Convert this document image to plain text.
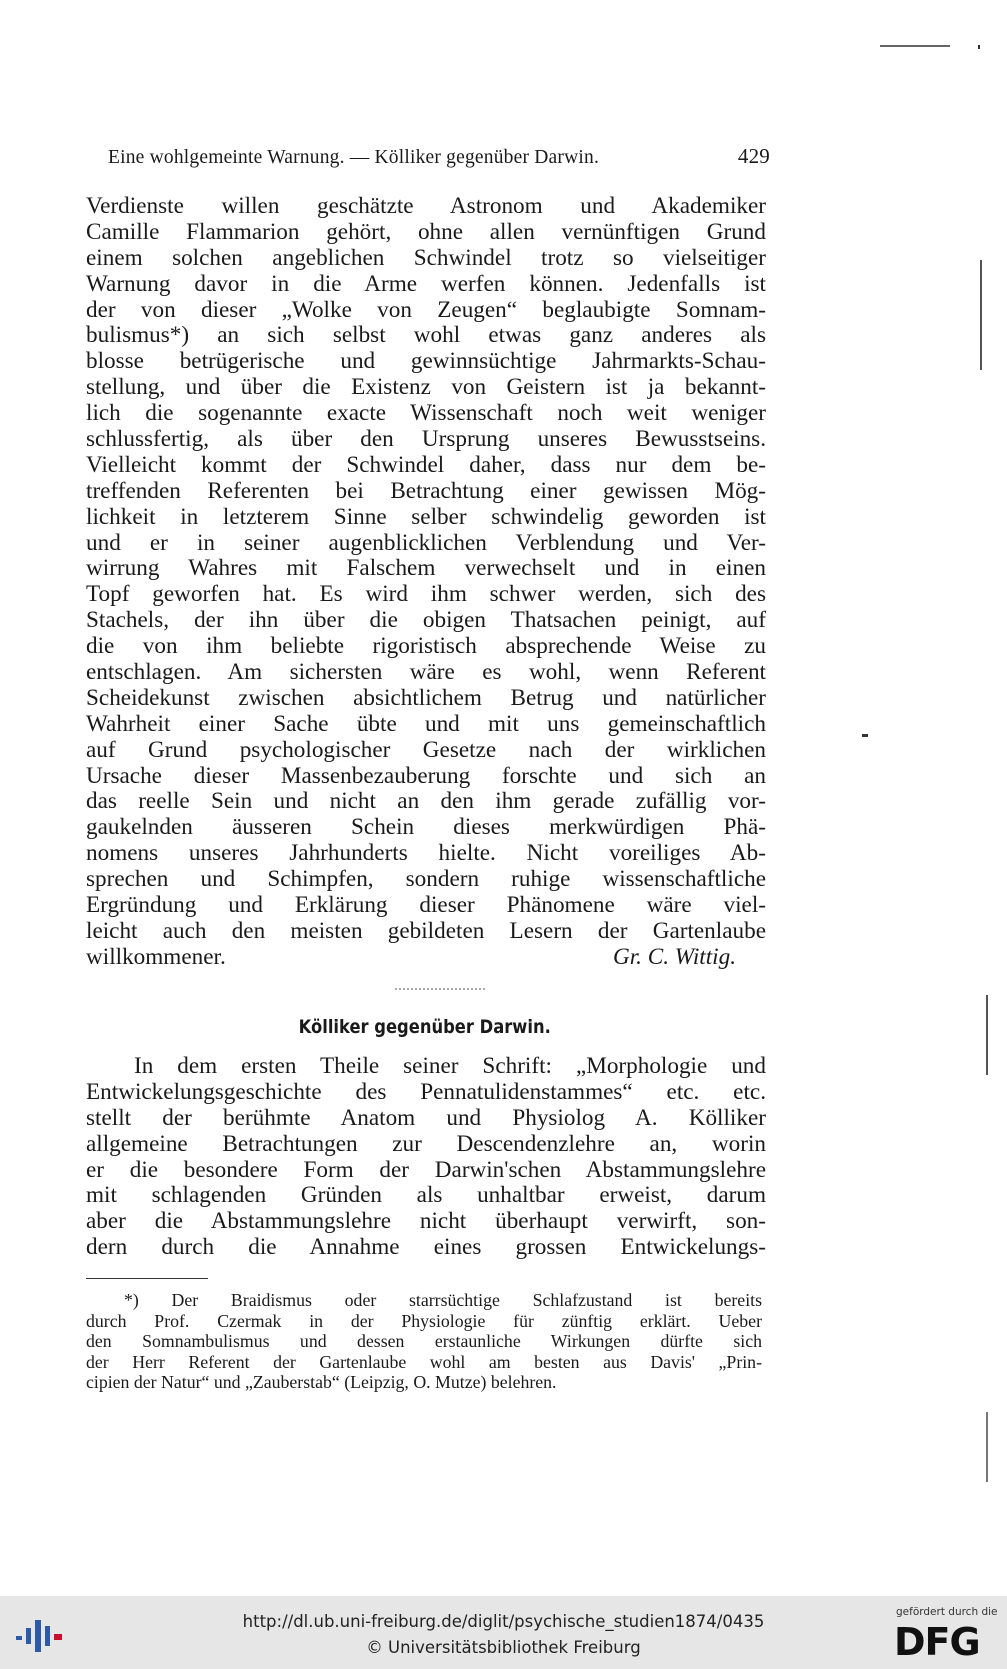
Eine wohlgemeinte Warnung. — Kölliker gegenüber Darwin.	429
Verdienste willen geschätzte Astronom und Akademiker
Camille Flammarion gehört, ohne allen vernünftigen Grund
einem solchen angeblichen Schwindel trotz so vielseitiger
Warnung davor in die Arme werfen können. Jedenfalls ist
der von dieser „Wolke von Zeugen“ beglaubigte Somnam-
bulismus*) an sich selbst wohl etwas ganz anderes als
blosse betrügerische und gewinnsüchtige Jahrmarkts-Schau-
stellung, und über die Existenz von Geistern ist ja bekannt-
lich die sogenannte exacte Wissenschaft noch weit weniger
schlussfertig, als über den Ursprung unseres Bewusstseins.
Vielleicht kommt der Schwindel daher, dass nur dem be-
treffenden Referenten bei Betrachtung einer gewissen Mög-
lichkeit in letzterem Sinne selber schwindelig geworden ist
und er in seiner augenblicklichen Verblendung und Ver-
wirrung Wahres mit Falschem verwechselt und in einen
Topf geworfen hat. Es wird ihm schwer werden, sich des
Stachels, der ihn über die obigen Thatsachen peinigt, auf
die von ihm beliebte rigoristisch absprechende Weise zu
entschlagen. Am sichersten wäre es wohl, wenn Referent
Scheidekunst zwischen absichtlichem Betrug und natürlicher
Wahrheit einer Sache übte und mit uns gemeinschaftlich
auf Grund psychologischer Gesetze nach der wirklichen
Ursache dieser Massenbezauberung forschte und sich an
das reelle Sein und nicht an den ihm gerade zufällig vor-
gaukelnden äusseren Schein dieses merkwürdigen Phä-
nomens unseres Jahrhunderts hielte. Nicht voreiliges Ab-
sprechen und Schimpfen, sondern ruhige wissenschaftliche
Ergründung und Erklärung dieser Phänomene wäre viel-
leicht auch den meisten gebildeten Lesern der Gartenlaube
willkommener.	Gr. C. Wittig.
Kölliker gegenüber Darwin.
In dem ersten Theile seiner Schrift: „Morphologie und
Entwickelungsgeschichte des Pennatulidenstammes“ etc. etc.
stellt der berühmte Anatom und Physiolog A. Kölliker
allgemeine Betrachtungen zur Descendenzlehre an, worin
er die besondere Form der Darwin'schen Abstammungslehre
mit schlagenden Gründen als unhaltbar erweist, darum
aber die Abstammungslehre nicht überhaupt verwirft, son-
dern durch die Annahme eines grossen Entwickelungs-
*) Der Braidismus oder starrsüchtige Schlafzustand ist bereits
durch Prof. Czermak in der Physiologie für zünftig erklärt. Ueber
den Somnambulismus und dessen erstaunliche Wirkungen dürfte sich
der Herr Referent der Gartenlaube wohl am besten aus Davis' „Prin-
cipien der Natur“ und „Zauberstab“ (Leipzig, O. Mutze) belehren.
http://dl.ub.uni-freiburg.de/diglit/psychische_studien1874/0435
© Universitätsbibliothek Freiburg
gefördert durch die
DFG
